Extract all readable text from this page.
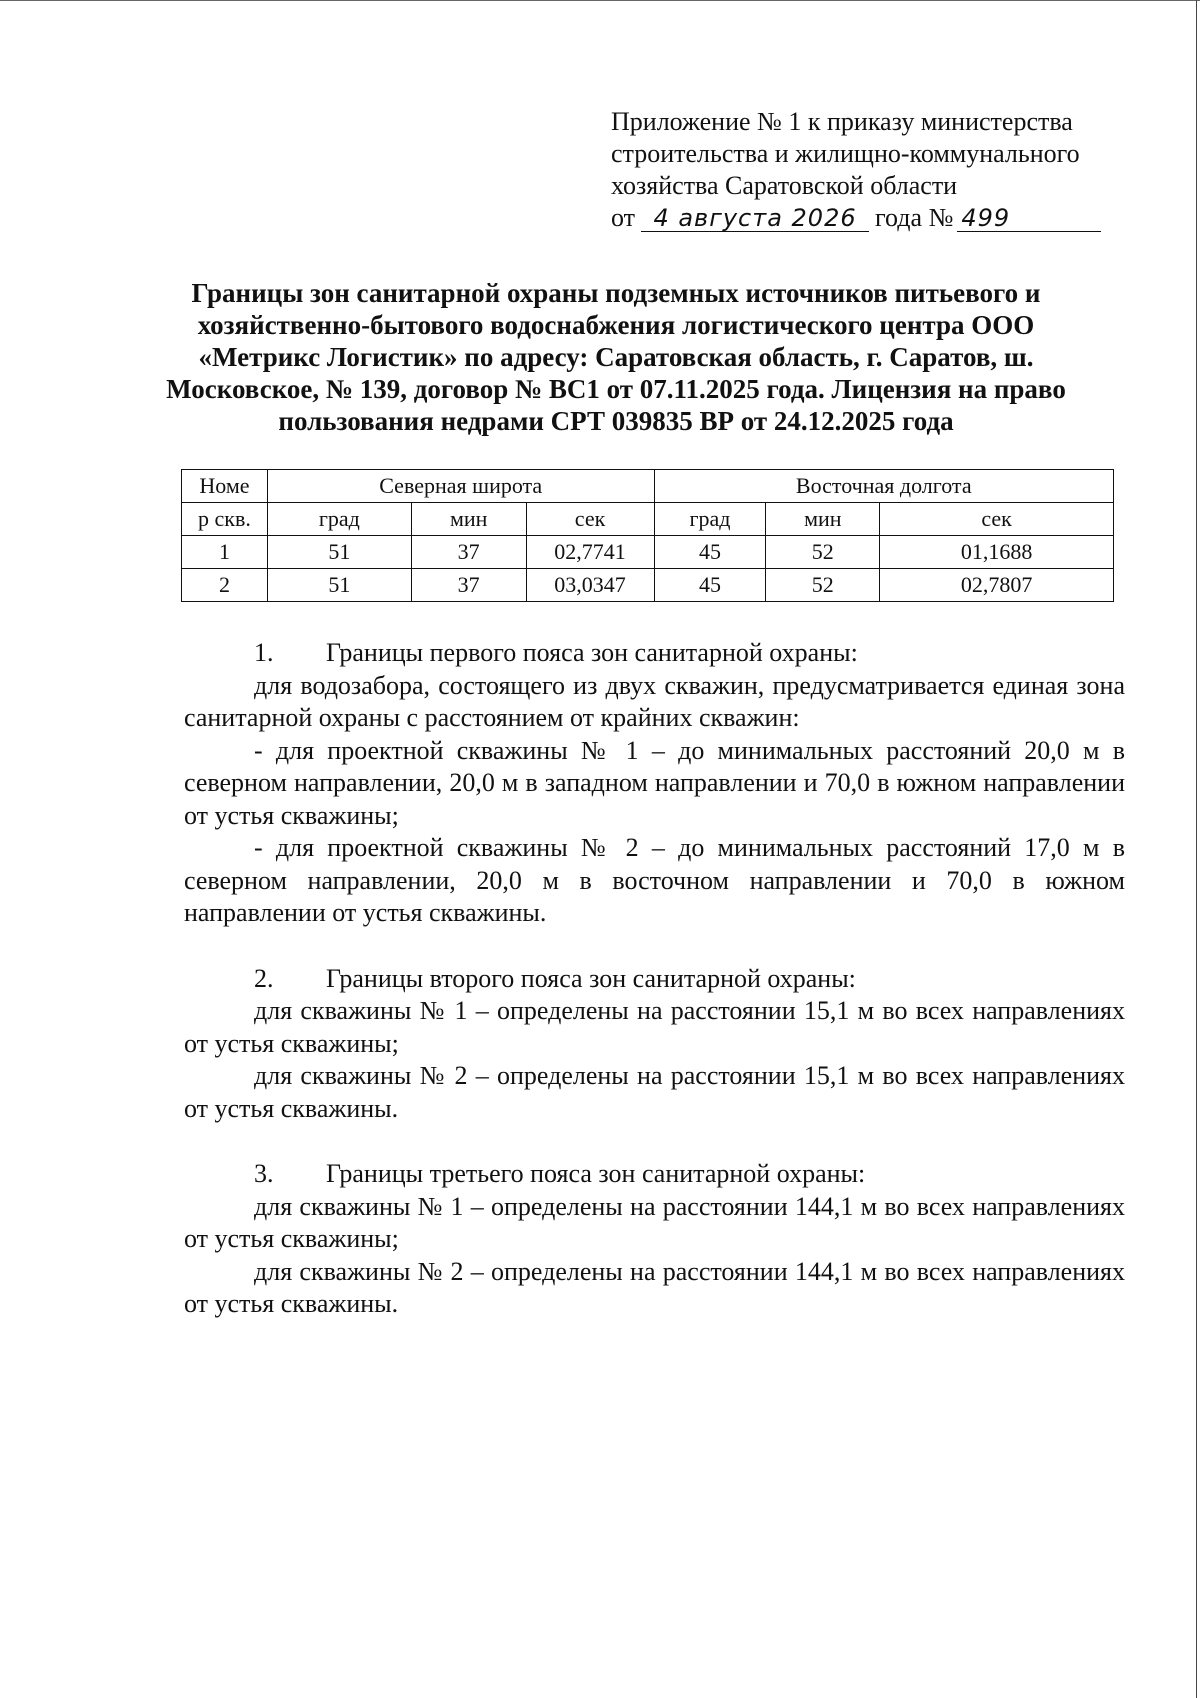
Приложение № 1 к приказу министерства
строительства и жилищно-коммунального
хозяйства Саратовской области
от 4 августа 2026 года № 499
Границы зон санитарной охраны подземных источников питьевого и хозяйственно-бытового водоснабжения логистического центра ООО «Метрикс Логистик» по адресу: Саратовская область, г. Саратов, ш. Московское, № 139, договор № ВС1 от 07.11.2025 года. Лицензия на право пользования недрами СРТ 039835 ВР от 24.12.2025 года
Номе	Северная широта			Восточная долгота		
р скв.	град	мин	сек	град	мин	сек
1	51	37	02,7741	45	52	01,1688
2	51	37	03,0347	45	52	02,7807
1. Границы первого пояса зон санитарной охраны:

для водозабора, состоящего из двух скважин, предусматривается единая зона санитарной охраны с расстоянием от крайних скважин:

- для проектной скважины № 1 – до минимальных расстояний 20,0 м в северном направлении, 20,0 м в западном направлении и 70,0 в южном направлении от устья скважины;

- для проектной скважины № 2 – до минимальных расстояний 17,0 м в северном направлении, 20,0 м в восточном направлении и 70,0 в южном направлении от устья скважины.

2. Границы второго пояса зон санитарной охраны:

для скважины № 1 – определены на расстоянии 15,1 м во всех направлениях от устья скважины;

для скважины № 2 – определены на расстоянии 15,1 м во всех направлениях от устья скважины.

3. Границы третьего пояса зон санитарной охраны:

для скважины № 1 – определены на расстоянии 144,1 м во всех направлениях от устья скважины;

для скважины № 2 – определены на расстоянии 144,1 м во всех направлениях от устья скважины.
